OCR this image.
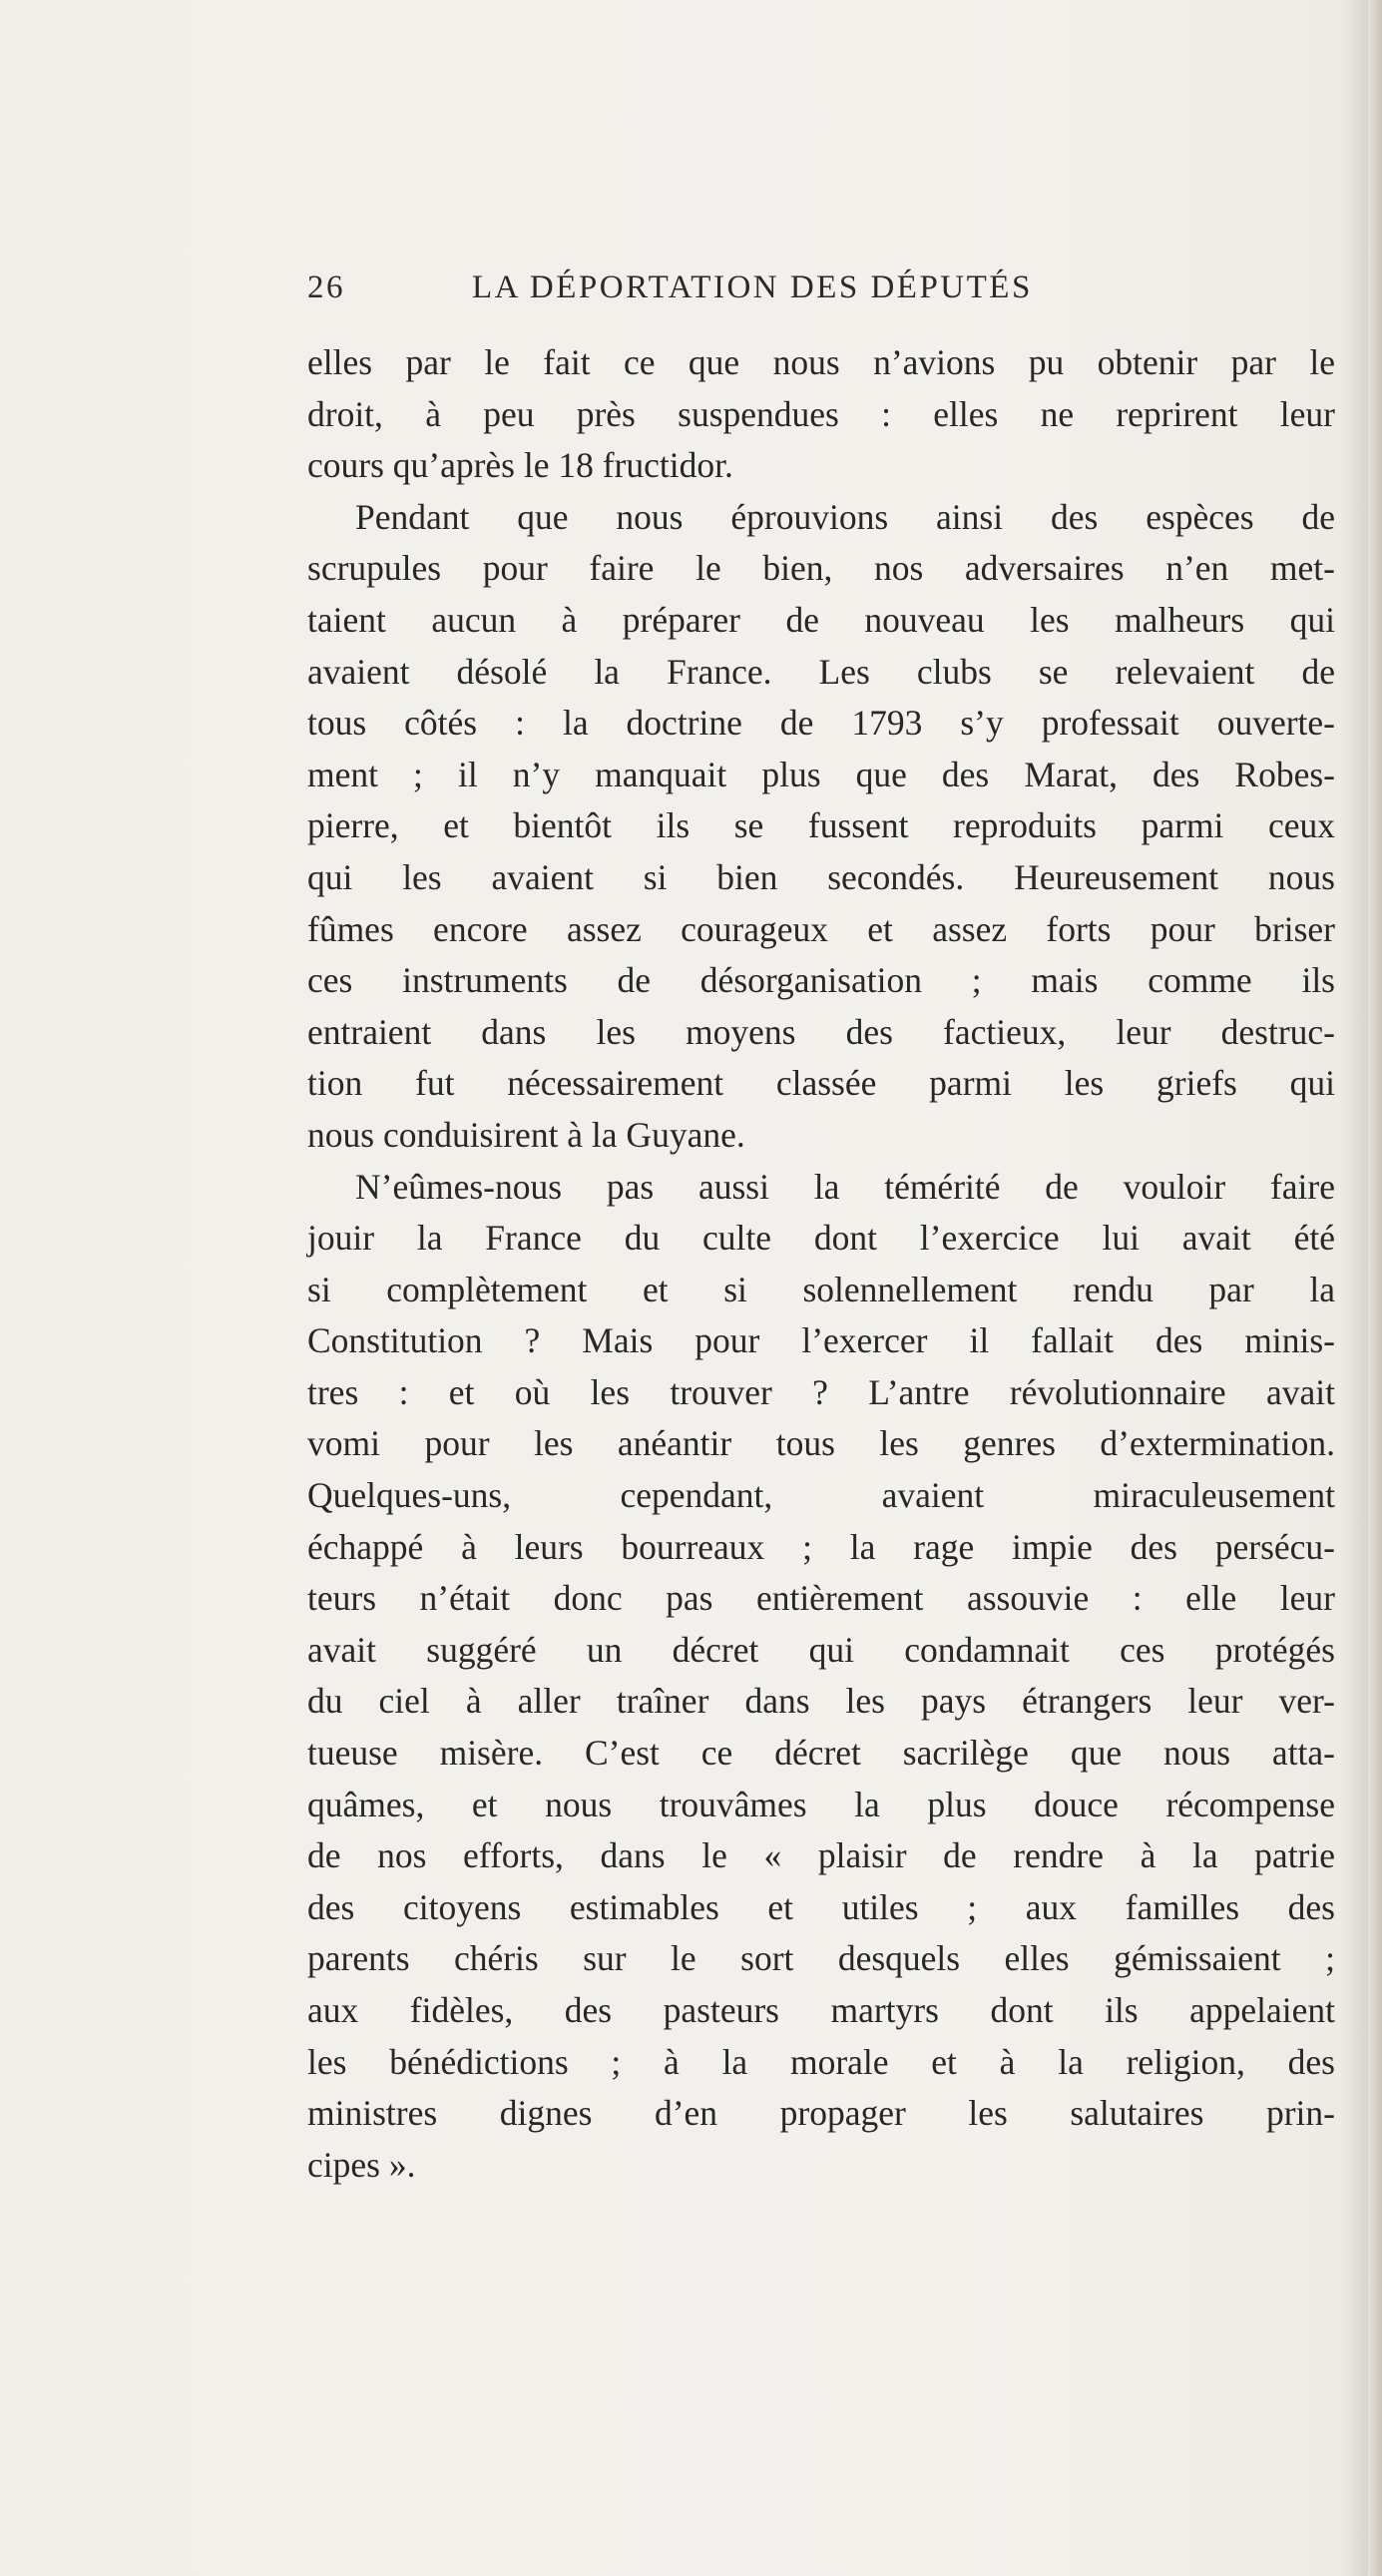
26	LA DÉPORTATION DES DÉPUTÉS

elles par le fait ce que nous n’avions pu obtenir par le
droit, à peu près suspendues : elles ne reprirent leur
cours qu’après le 18 fructidor.

Pendant que nous éprouvions ainsi des espèces de
scrupules pour faire le bien, nos adversaires n’en met-
taient aucun à préparer de nouveau les malheurs qui
avaient désolé la France. Les clubs se relevaient de
tous côtés : la doctrine de 1793 s’y professait ouverte-
ment ; il n’y manquait plus que des Marat, des Robes-
pierre, et bientôt ils se fussent reproduits parmi ceux
qui les avaient si bien secondés. Heureusement nous
fûmes encore assez courageux et assez forts pour briser
ces instruments de désorganisation ; mais comme ils
entraient dans les moyens des factieux, leur destruc-
tion fut nécessairement classée parmi les griefs qui
nous conduisirent à la Guyane.

N’eûmes-nous pas aussi la témérité de vouloir faire
jouir la France du culte dont l’exercice lui avait été
si complètement et si solennellement rendu par la
Constitution ? Mais pour l’exercer il fallait des minis-
tres : et où les trouver ? L’antre révolutionnaire avait
vomi pour les anéantir tous les genres d’extermination.
Quelques-uns, cependant, avaient miraculeusement
échappé à leurs bourreaux ; la rage impie des persécu-
teurs n’était donc pas entièrement assouvie : elle leur
avait suggéré un décret qui condamnait ces protégés
du ciel à aller traîner dans les pays étrangers leur ver-
tueuse misère. C’est ce décret sacrilège que nous atta-
quâmes, et nous trouvâmes la plus douce récompense
de nos efforts, dans le « plaisir de rendre à la patrie
des citoyens estimables et utiles ; aux familles des
parents chéris sur le sort desquels elles gémissaient ;
aux fidèles, des pasteurs martyrs dont ils appelaient
les bénédictions ; à la morale et à la religion, des
ministres dignes d’en propager les salutaires prin-
cipes ».
